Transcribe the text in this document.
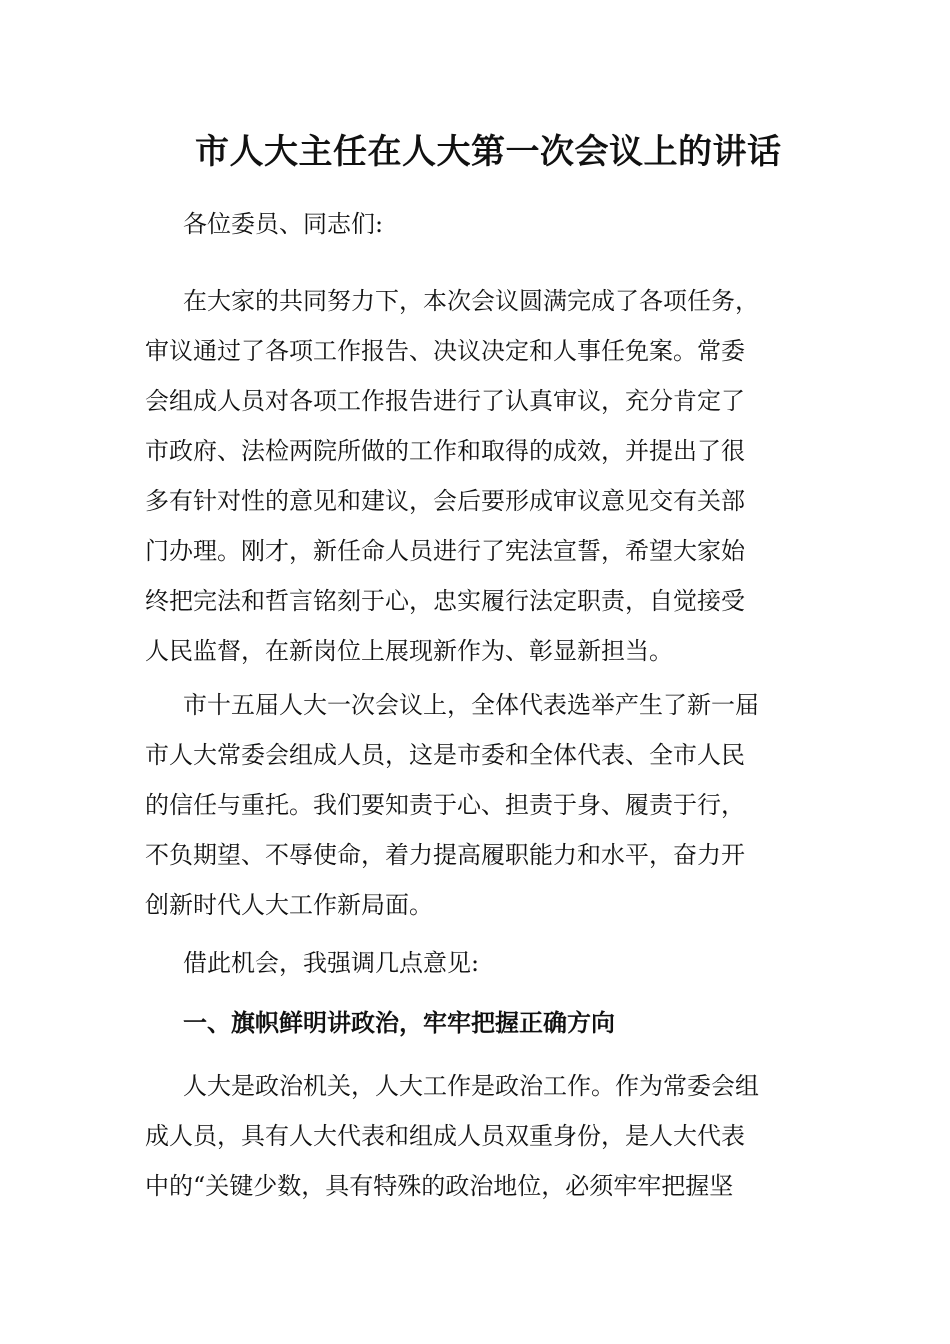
市人大主任在人大第一次会议上的讲话
各位委员、同志们:
在大家的共同努力下，本次会议圆满完成了各项任务，
审议通过了各项工作报告、决议决定和人事任免案。常委
会组成人员对各项工作报告进行了认真审议，充分肯定了
市政府、法检两院所做的工作和取得的成效，并提出了很
多有针对性的意见和建议，会后要形成审议意见交有关部
门办理。刚才，新任命人员进行了宪法宣誓，希望大家始
终把完法和哲言铭刻于心，忠实履行法定职责，自觉接受
人民监督，在新岗位上展现新作为、彰显新担当。
市十五届人大一次会议上，全体代表选举产生了新一届
市人大常委会组成人员，这是市委和全体代表、全市人民
的信任与重托。我们要知责于心、担责于身、履责于行，
不负期望、不辱使命，着力提高履职能力和水平，奋力开
创新时代人大工作新局面。
借此机会，我强调几点意见:
一、旗帜鲜明讲政治，牢牢把握正确方向
人大是政治机关，人大工作是政治工作。作为常委会组
成人员，具有人大代表和组成人员双重身份，是人大代表
中的“关键少数，具有特殊的政治地位，必须牢牢把握坚
